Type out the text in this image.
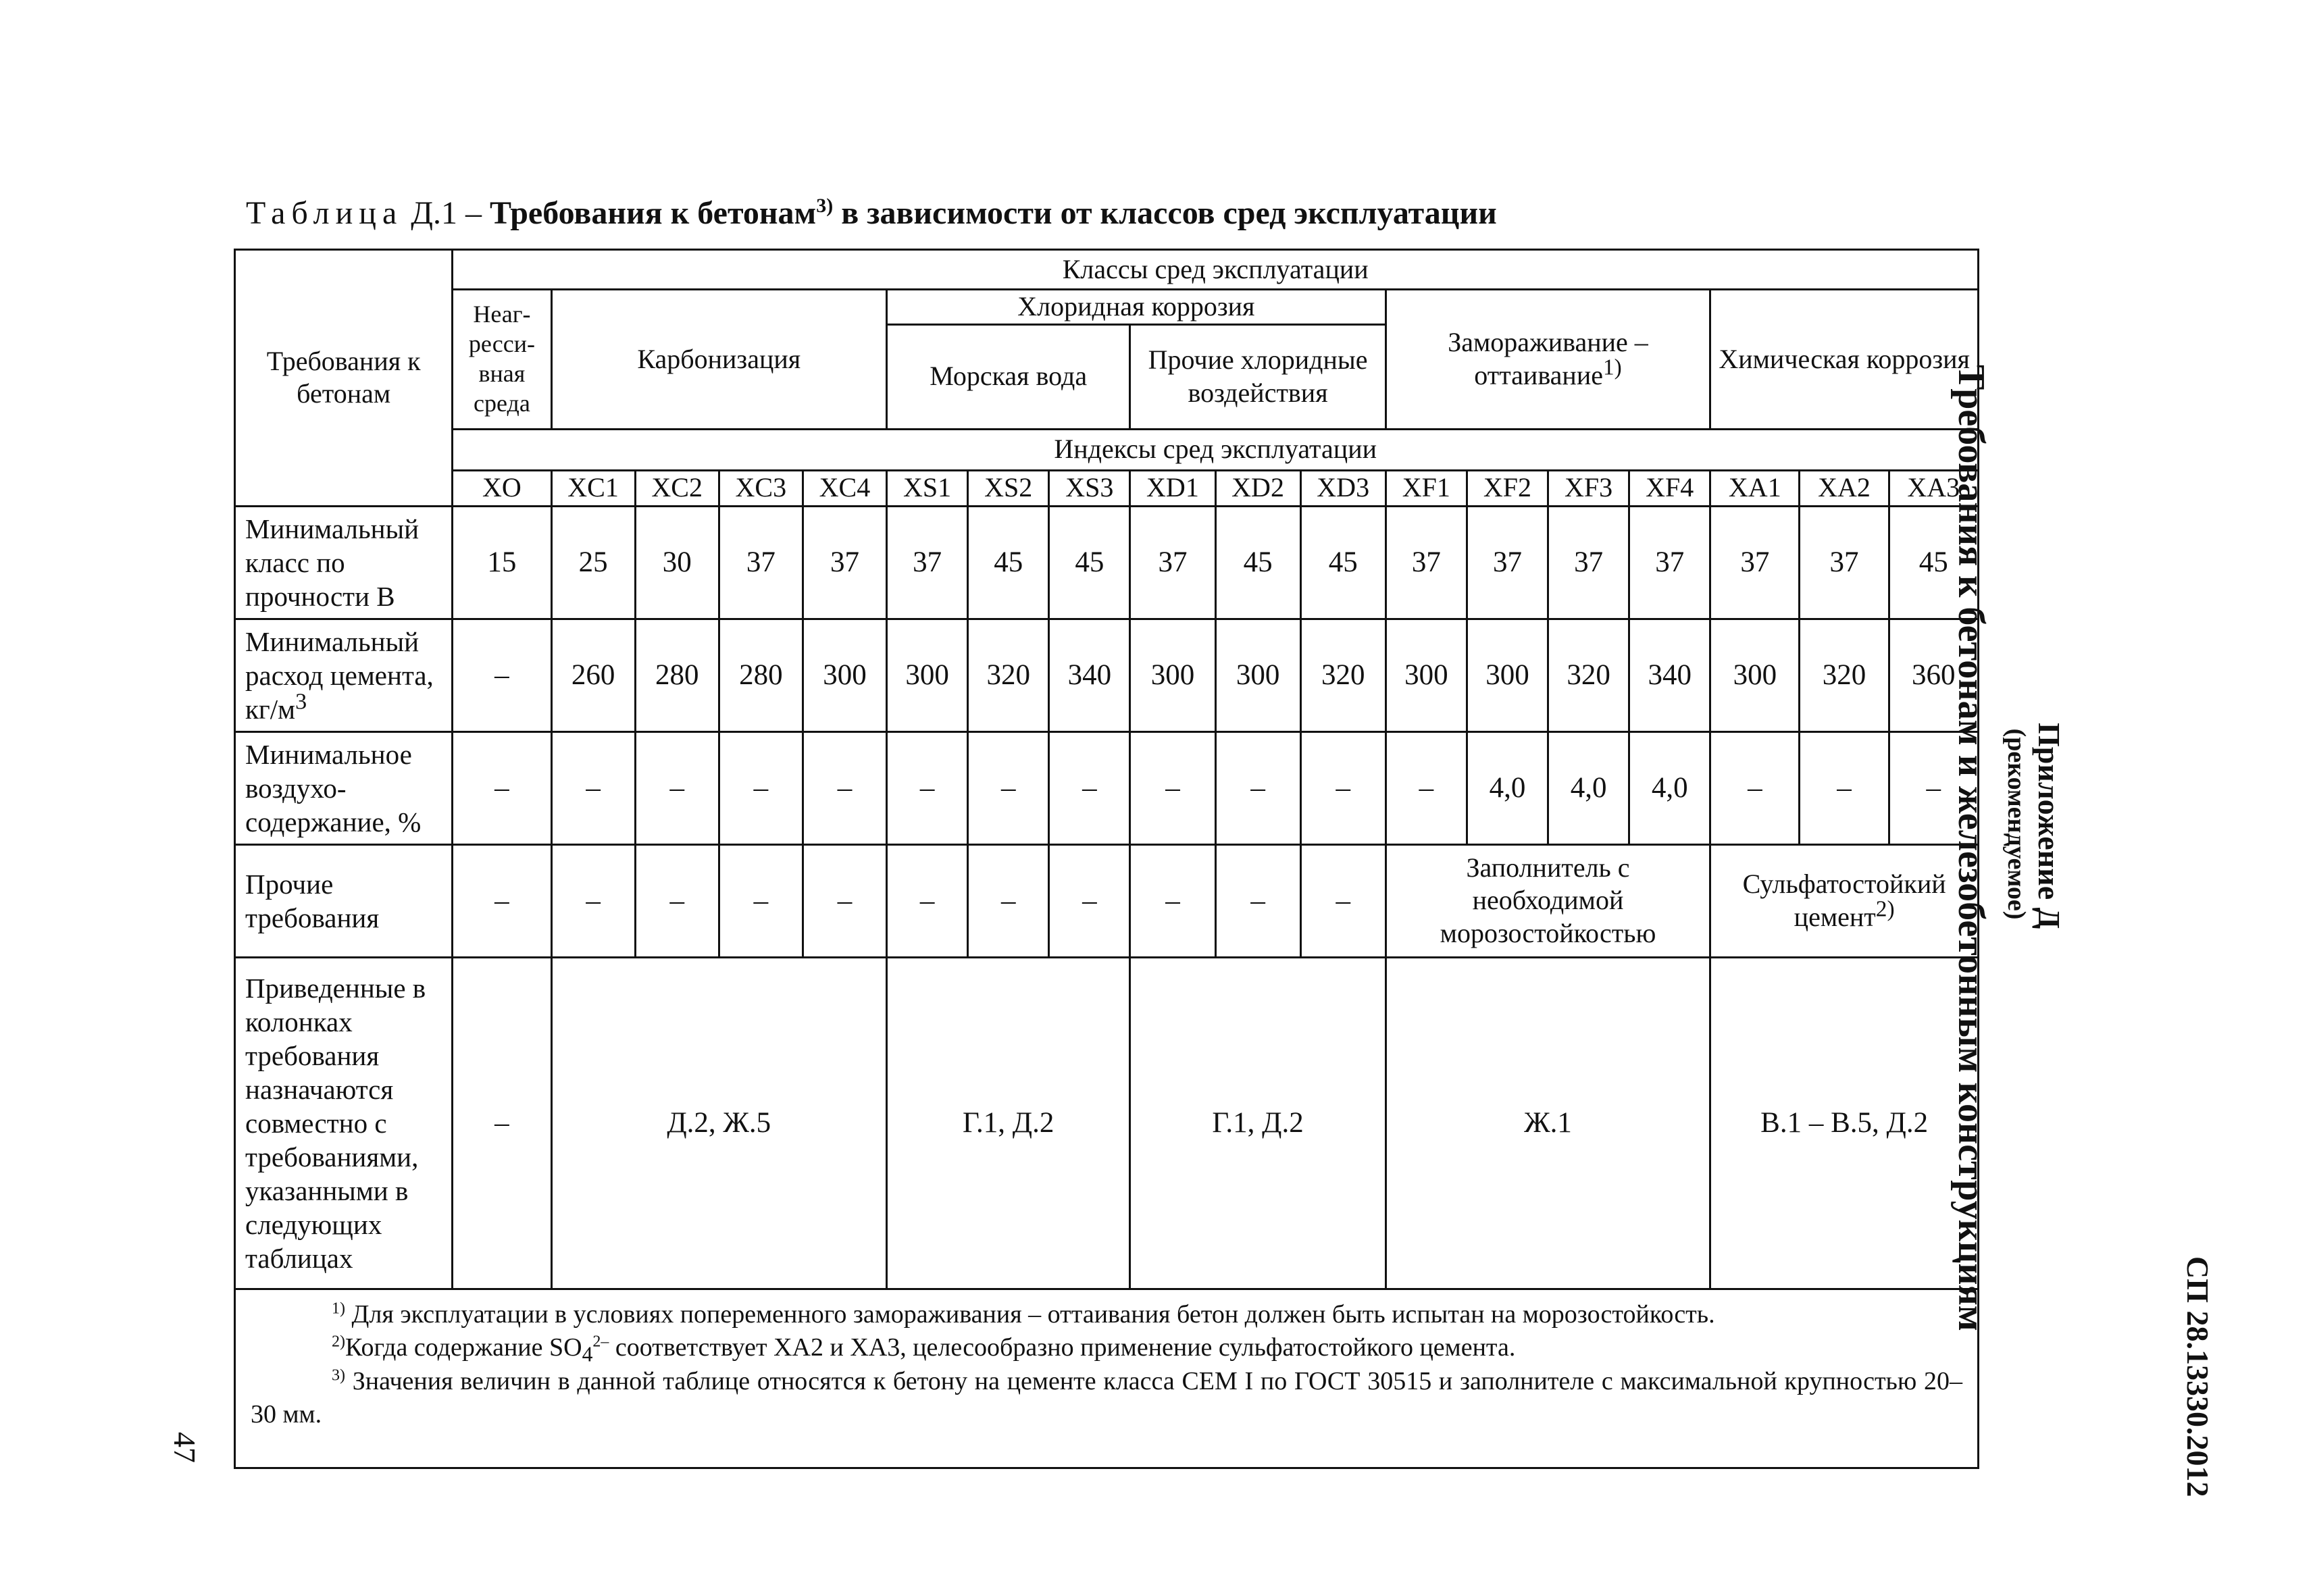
Таблица Д.1 – Требования к бетонам$^{3)}$ в зависимости от классов сред эксплуатации
Требования к бетонам	Классы сред эксплуатации																	
	Неаг-ресси-вная среда	Карбонизация				Хлоридная коррозия						Замораживание – оттаивание$^{1)}$				Химическая коррозия		
						Морская вода			Прочие хлоридные воздействия									
	Индексы сред эксплуатации																	
	XO	XC1	XC2	XC3	XC4	XS1	XS2	XS3	XD1	XD2	XD3	XF1	XF2	XF3	XF4	XA1	XA2	XA3
Минимальный класс по прочности В	15	25	30	37	37	37	45	45	37	45	45	37	37	37	37	37	37	45
Минимальный расход цемента, $кг/м^3$	–	260	280	280	300	300	320	340	300	300	320	300	300	320	340	300	320	360
Минимальное воздухо-содержание, %	–	–	–	–	–	–	–	–	–	–	–	–	4,0	4,0	4,0	–	–	–
Прочие требования	–	–	–	–	–	–	–	–	–	–	–	Заполнитель с необходимой морозостойкостью				Сульфатостойкий цемент$^{2)}$
Приведенные в колонках требования назначаются совместно с требованиями, указанными в следующих таблицах	–	Д.2, Ж.5				Г.1, Д.2			Г.1, Д.2			Ж.1				В.1 – В.5, Д.2		

$^{1)}$ Для эксплуатации в условиях попеременного замораживания – оттаивания бетон должен быть испытан на морозостойкость.

$^{2)}$Когда содержание $SO_4^{2-}$ соответствует ХА2 и ХА3, целесообразно применение сульфатостойкого цемента.

$^{3)}$ Значения величин в данной таблице относятся к бетону на цементе класса CEM I по ГОСТ 30515 и заполнителе с максимальной крупностью 20–30 мм.																		

Требования к бетонам и железобетонным конструкциям Приложение Д
(рекомендуемое)
СП 28.13330.2012
47
